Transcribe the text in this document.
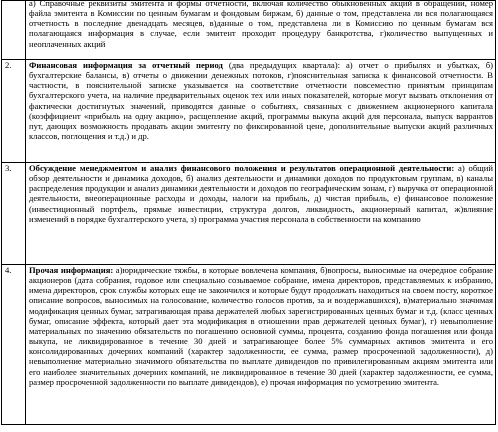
	а) Справочные реквизиты эмитента и формы отчетности, включая количество обыкновенных акций в обращении, номер файла эмитента в Комиссии по ценным бумагам и фондовым биржам, б) данные о том, представлена ли вся полагающаяся отчетность в последние двенадцать месяцев, в)данные о том, представлена ли в Комиссию по ценным бумагам вся полагающаяся информация в случае, если эмитент проходит процедуру банкротства, г)количество выпущенных и неоплаченных акций

2.	Финансовая информация за отчетный период (два предыдущих квартала): а) отчет о прибылях и убытках, б) бухгалтерские балансы, в) отчеты о движении денежных потоков, г)пояснительная записка к финансовой отчетности. В частности, в пояснительной записке указывается на соответствие отчетности повсеместно принятым принципам бухгалтерского учета, на наличие предварительных оценок тех или иных показателей, которые могут вызвать отклонения от фактически достигнутых значений, приводятся данные о событиях, связанных с движением акционерного капитала (коэффициент «прибыль на одну акцию», расщепление акций, программы выкупа акций для персонала, выпуск варрантов пут, дающих возможность продавать акции эмитенту по фиксированной цене, дополнительные выпуски акций различных классов, поглощения и т.д.) и др.
3.	Обсуждение менеджментом и анализ финансового положения и результатов операционной деятельности: а) общий обзор деятельности и динамика доходов, б) анализ деятельности и динамики доходов по продуктовым группам, в) каналы распределения продукции и анализ динамики деятельности и доходов по географическим зонам, г) выручка от операционной деятельности, внеоперационные расходы и доходы, налоги на прибыль, д) чистая прибыль, е) финансовое положение (инвестиционный портфель, прямые инвестиции, структура долгов, ликвидность, акционерный капитал, ж)влияние изменений в порядке бухгалтерского учета, з) программа участия персонала в собственности на компанию
4.	Прочая информация: а)юридические тяжбы, в которые вовлечена компания, б)вопросы, выносимые на очередное собрание акционеров (дата собрания, годовое или специально созываемое собрание, имена директоров, представляемых к избранию, имена директоров, срок службы которых еще не закончился и которые будут продолжать находиться на своем посту, короткое описание вопросов, выносимых на голосование, количество голосов против, за и воздержавшихся), в)материально значимая модификация ценных бумаг, затрагивающая права держателей любых зарегистрированных ценных бумаг и т.д. (класс ценных бумаг, описание эффекта, который дает эта модификация в отношении прав держателей ценных бумаг), г) невыполнение материальных по значению обязательств по погашению основной суммы, процента, созданию фонда погашения или фонда выкупа, не ликвидированное в течение 30 дней и затрагивающее более 5% суммарных активов эмитента и его консолидированных дочерних компаний (характер задолженности, ее сумма, размер просроченной задолженности), д) невыполнение материально значимого обязательства по выплате дивидендов по привилегированным акциям эмитента или его наиболее значительных дочерних компаний, не ликвидированное в течение 30 дней (характер задолженности, ее сумма, размер просроченной задолженности по выплате дивидендов), е) прочая информация по усмотрению эмитента.
